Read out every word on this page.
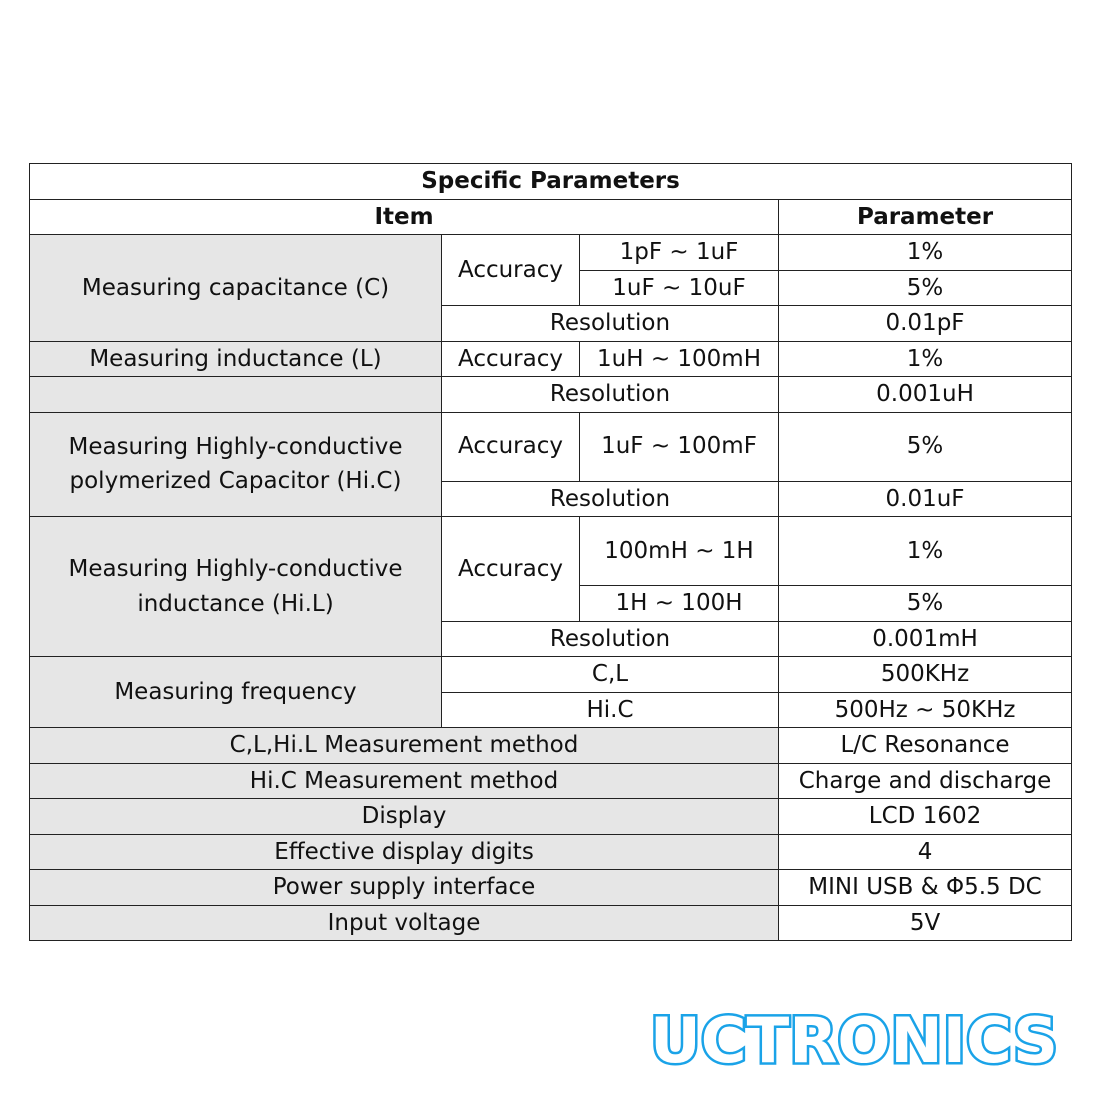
Specific Parameters			
Item			Parameter
Measuring capacitance (C)	Accuracy	1pF ~ 1uF	1%
		1uF ~ 10uF	5%
	Resolution		0.01pF
Measuring inductance (L)	Accuracy	1uH ~ 100mH	1%
	Resolution		0.001uH
Measuring Highly-conductive
polymerized Capacitor (Hi.C)	Accuracy	1uF ~ 100mF	5%
	Resolution		0.01uF
Measuring Highly-conductive
inductance (Hi.L)	Accuracy	100mH ~ 1H	1%
		1H ~ 100H	5%
	Resolution		0.001mH
Measuring frequency	C,L		500KHz
	Hi.C		500Hz ~ 50KHz
C,L,Hi.L Measurement method			L/C Resonance
Hi.C Measurement method			Charge and discharge
Display			LCD 1602
Effective display digits			4
Power supply interface			MINI USB & Φ5.5 DC
Input voltage			5V
UCTRONICS
